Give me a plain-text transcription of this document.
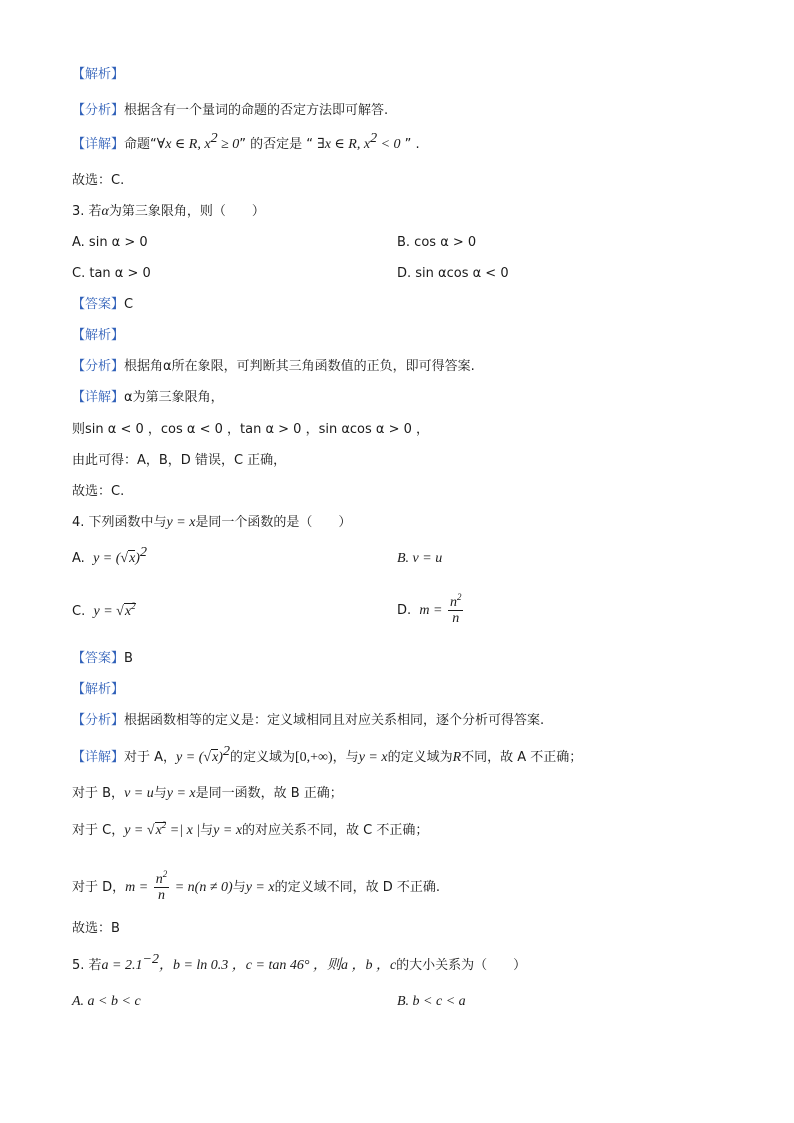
【解析】
【分析】根据含有一个量词的命题的否定方法即可解答.
【详解】命题“∀x ∈ R, $x^2 \ge 0$” 的否定是 “ ∃x ∈ R, $x^2 < 0$ ” .
故选：C.
3. 若α为第三象限角，则（　　）
A. sin α > 0	B. cos α > 0
C. tan α > 0	D. sin αcos α < 0
【答案】C
【解析】
【分析】根据角α所在象限，可判断其三角函数值的正负，即可得答案.
【详解】α为第三象限角，
则sin α < 0 ，cos α < 0 ，tan α > 0 ，sin αcos α > 0 ，
由此可得：A，B，D 错误，C 正确，
故选：C.
4. 下列函数中与y = x是同一个函数的是（　　）
A. $y = (√x)^2$	B. v = u
C. $y = √x^2$	D. $m = \frac{n^2}{n}$
【答案】B
【解析】
【分析】根据函数相等的定义是：定义域相同且对应关系相同，逐个分析可得答案.
【详解】对于 A，$y = (√x)^2$的定义域为[0,+∞)，与y = x的定义域为R不同，故 A 不正确；
对于 B，v = u与y = x是同一函数，故 B 正确；
对于 C，$y = √x^2$ =| x |与y = x的对应关系不同，故 C 不正确；
对于 D，$m = \frac{n^2}{n} = n(n \ne 0)$与y = x的定义域不同，故 D 不正确.
故选：B
5. 若$a = 2.1^{-2}$，b = ln 0.3 ，c = tan 46° ，则a ，b ，c的大小关系为（　　）
A. a < b < c	B. b < c < a
